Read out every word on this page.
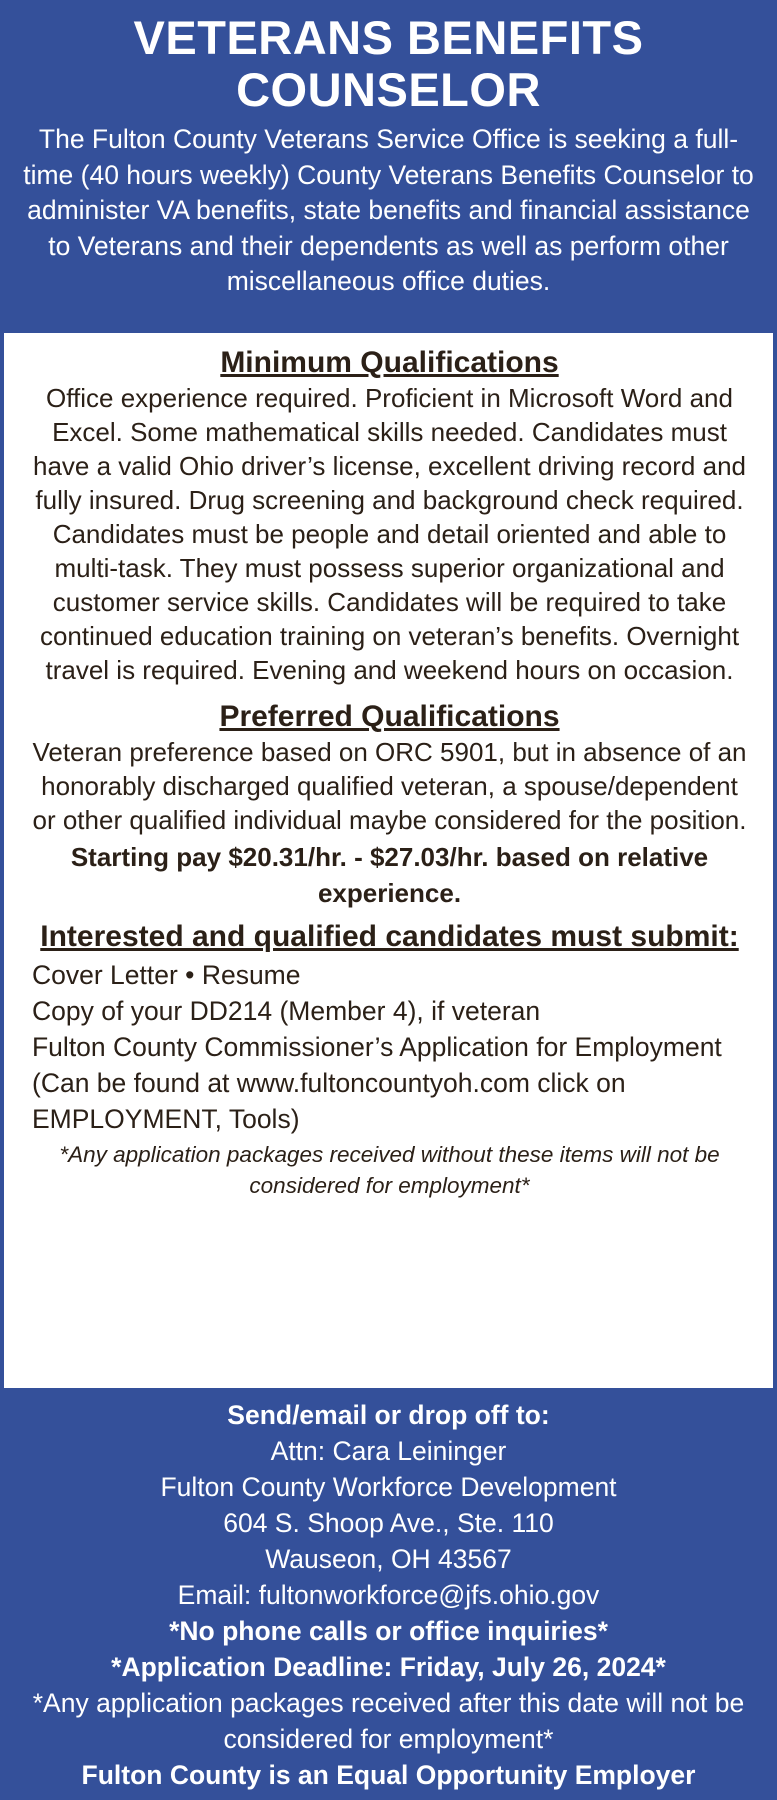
VETERANS BENEFITS
COUNSELOR

The Fulton County Veterans Service Office is seeking a full-time (40 hours weekly) County Veterans Benefits Counselor to administer VA benefits, state benefits and financial assistance to Veterans and their dependents as well as perform other miscellaneous office duties.

Minimum Qualifications

Office experience required. Proficient in Microsoft Word and Excel. Some mathematical skills needed. Candidates must have a valid Ohio driver’s license, excellent driving record and fully insured. Drug screening and background check required. Candidates must be people and detail oriented and able to multi-task. They must possess superior organizational and customer service skills. Candidates will be required to take continued education training on veteran’s benefits. Overnight travel is required. Evening and weekend hours on occasion.

Preferred Qualifications

Veteran preference based on ORC 5901, but in absence of an honorably discharged qualified veteran, a spouse/dependent or other qualified individual maybe considered for the position.

Starting pay $20.31/hr. - $27.03/hr. based on relative experience.

Interested and qualified candidates must submit:
Cover Letter • Resume
Copy of your DD214 (Member 4), if veteran
Fulton County Commissioner’s Application for Employment
(Can be found at www.fultoncountyoh.com click on EMPLOYMENT, Tools)

*Any application packages received without these items will not be considered for employment*

Send/email or drop off to:
Attn: Cara Leininger
Fulton County Workforce Development
604 S. Shoop Ave., Ste. 110
Wauseon, OH 43567
Email: fultonworkforce@jfs.ohio.gov
*No phone calls or office inquiries*
*Application Deadline: Friday, July 26, 2024*
*Any application packages received after this date will not be considered for employment*
Fulton County is an Equal Opportunity Employer
